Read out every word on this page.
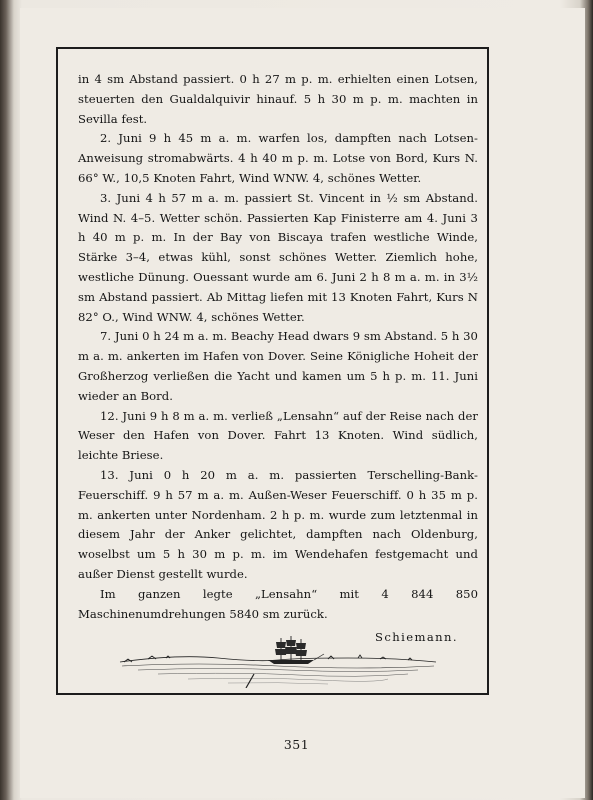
in 4 sm Abstand passiert. 0 h 27 m p. m. erhielten einen Lotsen, steuerten den Gualdalquivir hinauf. 5 h 30 m p. m. machten in Sevilla fest.

2. Juni 9 h 45 m a. m. warfen los, dampften nach Lotsen-Anweisung stromabwärts. 4 h 40 m p. m. Lotse von Bord, Kurs N. 66° W., 10,5 Knoten Fahrt, Wind WNW. 4, schönes Wetter.

3. Juni 4 h 57 m a. m. passiert St. Vincent in ½ sm Abstand. Wind N. 4–5. Wetter schön. Passierten Kap Finisterre am 4. Juni 3 h 40 m p. m. In der Bay von Biscaya trafen westliche Winde, Stärke 3–4, etwas kühl, sonst schönes Wetter. Ziemlich hohe, westliche Dünung. Ouessant wurde am 6. Juni 2 h 8 m a. m. in 3½ sm Abstand passiert. Ab Mittag liefen mit 13 Knoten Fahrt, Kurs N 82° O., Wind WNW. 4, schönes Wetter.

7. Juni 0 h 24 m a. m. Beachy Head dwars 9 sm Abstand. 5 h 30 m a. m. ankerten im Hafen von Dover. Seine Königliche Hoheit der Großherzog verließen die Yacht und kamen um 5 h p. m. 11. Juni wieder an Bord.

12. Juni 9 h 8 m a. m. verließ „Lensahn“ auf der Reise nach der Weser den Hafen von Dover. Fahrt 13 Knoten. Wind südlich, leichte Briese.

13. Juni 0 h 20 m a. m. passierten Terschelling-Bank-Feuerschiff. 9 h 57 m a. m. Außen-Weser Feuerschiff. 0 h 35 m p. m. ankerten unter Nordenham. 2 h p. m. wurde zum letztenmal in diesem Jahr der Anker gelichtet, dampften nach Oldenburg, woselbst um 5 h 30 m p. m. im Wendehafen festgemacht und außer Dienst gestellt wurde.

Im ganzen legte „Lensahn“ mit 4 844 850 Maschinenumdrehungen 5840 sm zurück.

Schiemann.

351
